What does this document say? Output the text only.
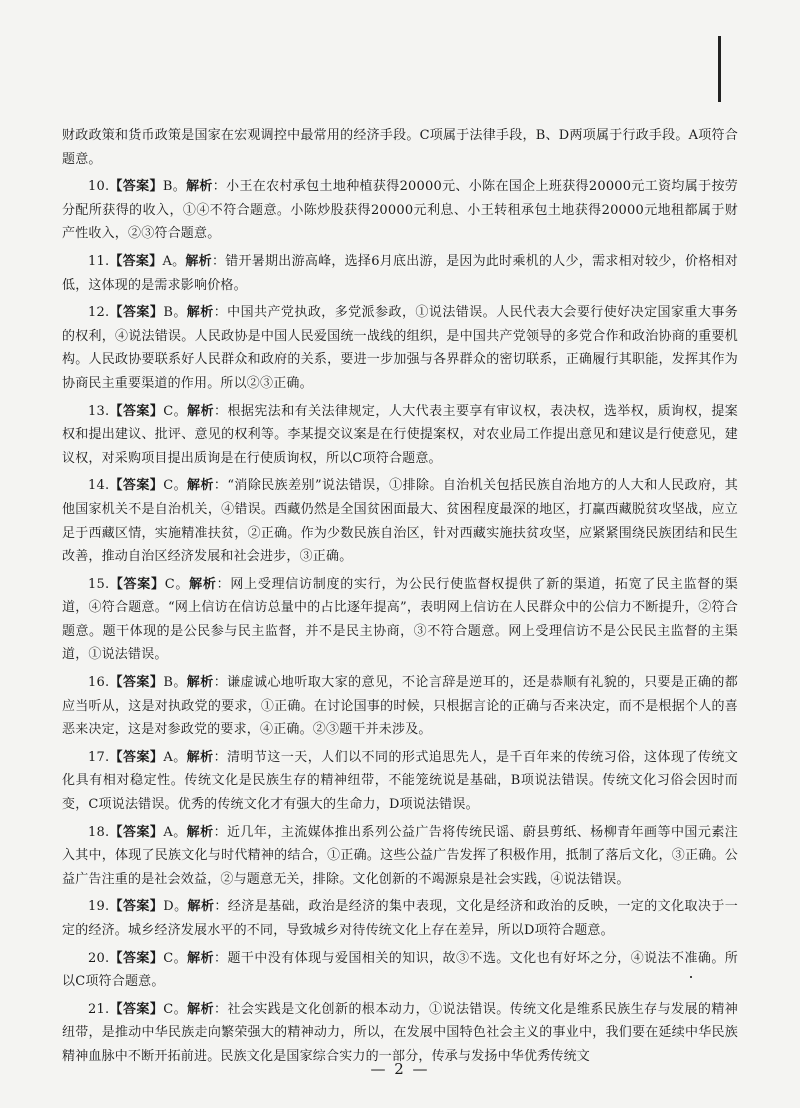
财政政策和货币政策是国家在宏观调控中最常用的经济手段。C项属于法律手段，B、D两项属于行政手段。A项符合题意。

10.【答案】B。解析：小王在农村承包土地种植获得20000元、小陈在国企上班获得20000元工资均属于按劳分配所获得的收入，①④不符合题意。小陈炒股获得20000元利息、小王转租承包土地获得20000元地租都属于财产性收入，②③符合题意。

11.【答案】A。解析：错开暑期出游高峰，选择6月底出游，是因为此时乘机的人少，需求相对较少，价格相对低，这体现的是需求影响价格。

12.【答案】B。解析：中国共产党执政，多党派参政，①说法错误。人民代表大会要行使好决定国家重大事务的权利，④说法错误。人民政协是中国人民爱国统一战线的组织，是中国共产党领导的多党合作和政治协商的重要机构。人民政协要联系好人民群众和政府的关系，要进一步加强与各界群众的密切联系，正确履行其职能，发挥其作为协商民主重要渠道的作用。所以②③正确。

13.【答案】C。解析：根据宪法和有关法律规定，人大代表主要享有审议权，表决权，选举权，质询权，提案权和提出建议、批评、意见的权利等。李某提交议案是在行使提案权，对农业局工作提出意见和建议是行使意见，建议权，对采购项目提出质询是在行使质询权，所以C项符合题意。

14.【答案】C。解析：“消除民族差别”说法错误，①排除。自治机关包括民族自治地方的人大和人民政府，其他国家机关不是自治机关，④错误。西藏仍然是全国贫困面最大、贫困程度最深的地区，打赢西藏脱贫攻坚战，应立足于西藏区情，实施精准扶贫，②正确。作为少数民族自治区，针对西藏实施扶贫攻坚，应紧紧围绕民族团结和民生改善，推动自治区经济发展和社会进步，③正确。

15.【答案】C。解析：网上受理信访制度的实行，为公民行使监督权提供了新的渠道，拓宽了民主监督的渠道，④符合题意。“网上信访在信访总量中的占比逐年提高”，表明网上信访在人民群众中的公信力不断提升，②符合题意。题干体现的是公民参与民主监督，并不是民主协商，③不符合题意。网上受理信访不是公民民主监督的主渠道，①说法错误。

16.【答案】B。解析：谦虚诚心地听取大家的意见，不论言辞是逆耳的，还是恭顺有礼貌的，只要是正确的都应当听从，这是对执政党的要求，①正确。在讨论国事的时候，只根据言论的正确与否来决定，而不是根据个人的喜恶来决定，这是对参政党的要求，④正确。②③题干并未涉及。

17.【答案】A。解析：清明节这一天，人们以不同的形式追思先人，是千百年来的传统习俗，这体现了传统文化具有相对稳定性。传统文化是民族生存的精神纽带，不能笼统说是基础，B项说法错误。传统文化习俗会因时而变，C项说法错误。优秀的传统文化才有强大的生命力，D项说法错误。

18.【答案】A。解析：近几年，主流媒体推出系列公益广告将传统民谣、蔚县剪纸、杨柳青年画等中国元素注入其中，体现了民族文化与时代精神的结合，①正确。这些公益广告发挥了积极作用，抵制了落后文化，③正确。公益广告注重的是社会效益，②与题意无关，排除。文化创新的不竭源泉是社会实践，④说法错误。

19.【答案】D。解析：经济是基础，政治是经济的集中表现，文化是经济和政治的反映，一定的文化取决于一定的经济。城乡经济发展水平的不同，导致城乡对待传统文化上存在差异，所以D项符合题意。

20.【答案】C。解析：题干中没有体现与爱国相关的知识，故③不选。文化也有好坏之分，④说法不准确。所以C项符合题意。

21.【答案】C。解析：社会实践是文化创新的根本动力，①说法错误。传统文化是维系民族生存与发展的精神纽带，是推动中华民族走向繁荣强大的精神动力，所以，在发展中国特色社会主义的事业中，我们要在延续中华民族精神血脉中不断开拓前进。民族文化是国家综合实力的一部分，传承与发扬中华优秀传统文

— 2 —
